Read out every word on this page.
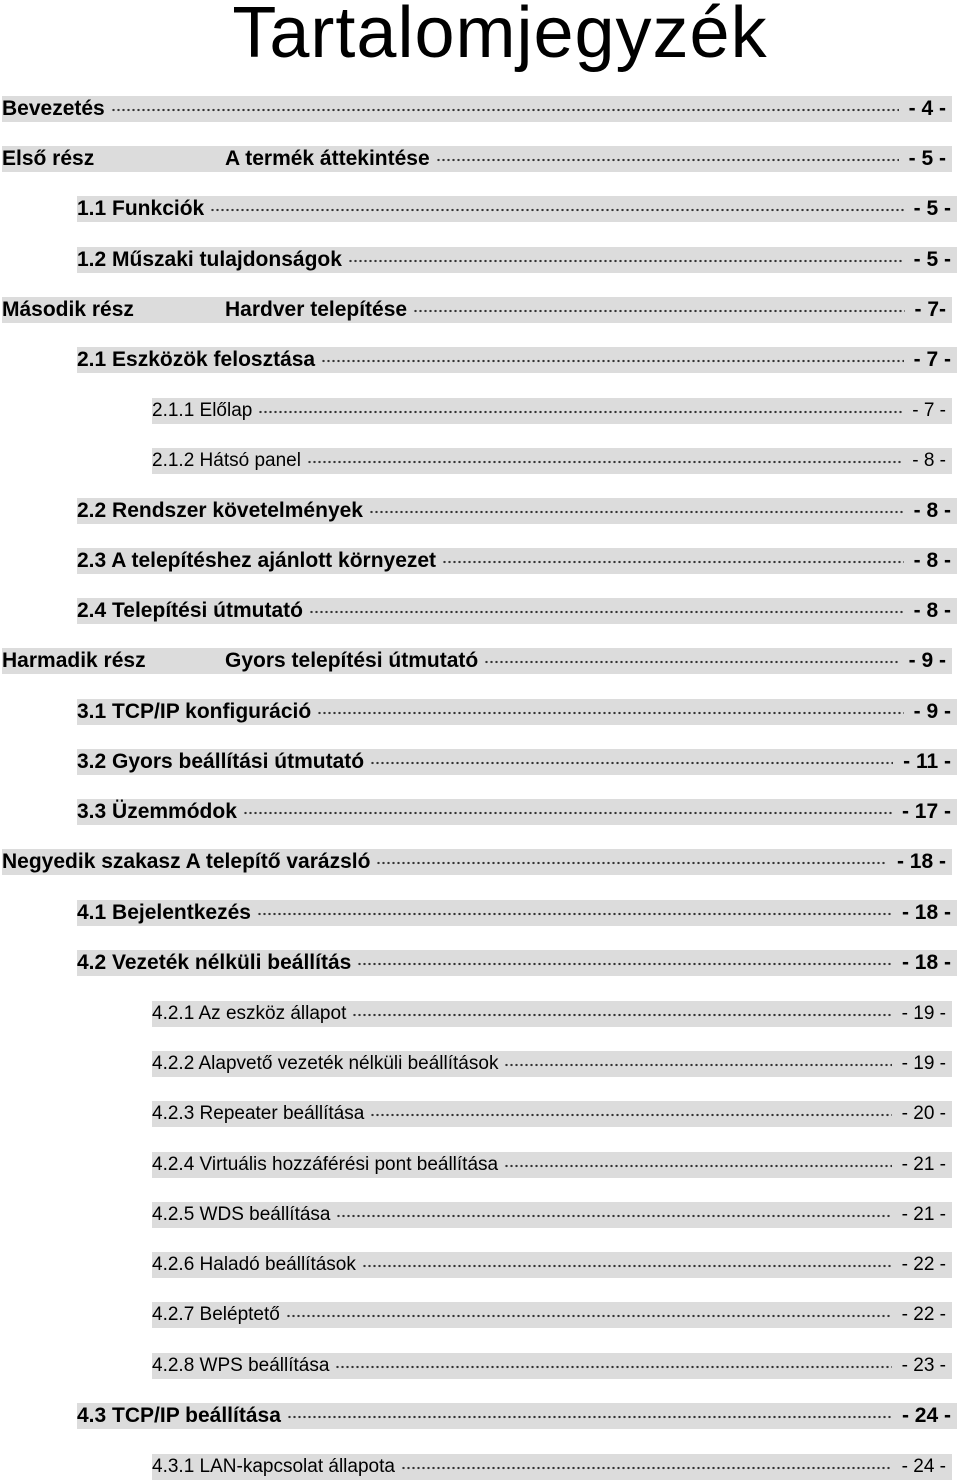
Tartalomjegyzék
Bevezetés	- 4 -
Első rész	A termék áttekintése	- 5 -
1.1 Funkciók	- 5 -
1.2 Műszaki tulajdonságok	- 5 -
Második rész	Hardver telepítése	- 7-
2.1 Eszközök felosztása	- 7 -
2.1.1 Előlap	- 7 -
2.1.2 Hátsó panel	- 8 -
2.2 Rendszer követelmények	- 8 -
2.3 A telepítéshez ajánlott környezet	- 8 -
2.4 Telepítési útmutató	- 8 -
Harmadik rész	Gyors telepítési útmutató	- 9 -
3.1 TCP/IP konfiguráció	- 9 -
3.2 Gyors beállítási útmutató	- 11 -
3.3 Üzemmódok	- 17 -
Negyedik szakasz A telepítő varázsló	- 18 -
4.1 Bejelentkezés	- 18 -
4.2 Vezeték nélküli beállítás	- 18 -
4.2.1 Az eszköz állapot	- 19 -
4.2.2 Alapvető vezeték nélküli beállítások	- 19 -
4.2.3 Repeater beállítása	- 20 -
4.2.4 Virtuális hozzáférési pont beállítása	- 21 -
4.2.5 WDS beállítása	- 21 -
4.2.6 Haladó beállítások	- 22 -
4.2.7 Beléptető	- 22 -
4.2.8 WPS beállítása	- 23 -
4.3 TCP/IP beállítása	- 24 -
4.3.1 LAN-kapcsolat állapota	- 24 -
